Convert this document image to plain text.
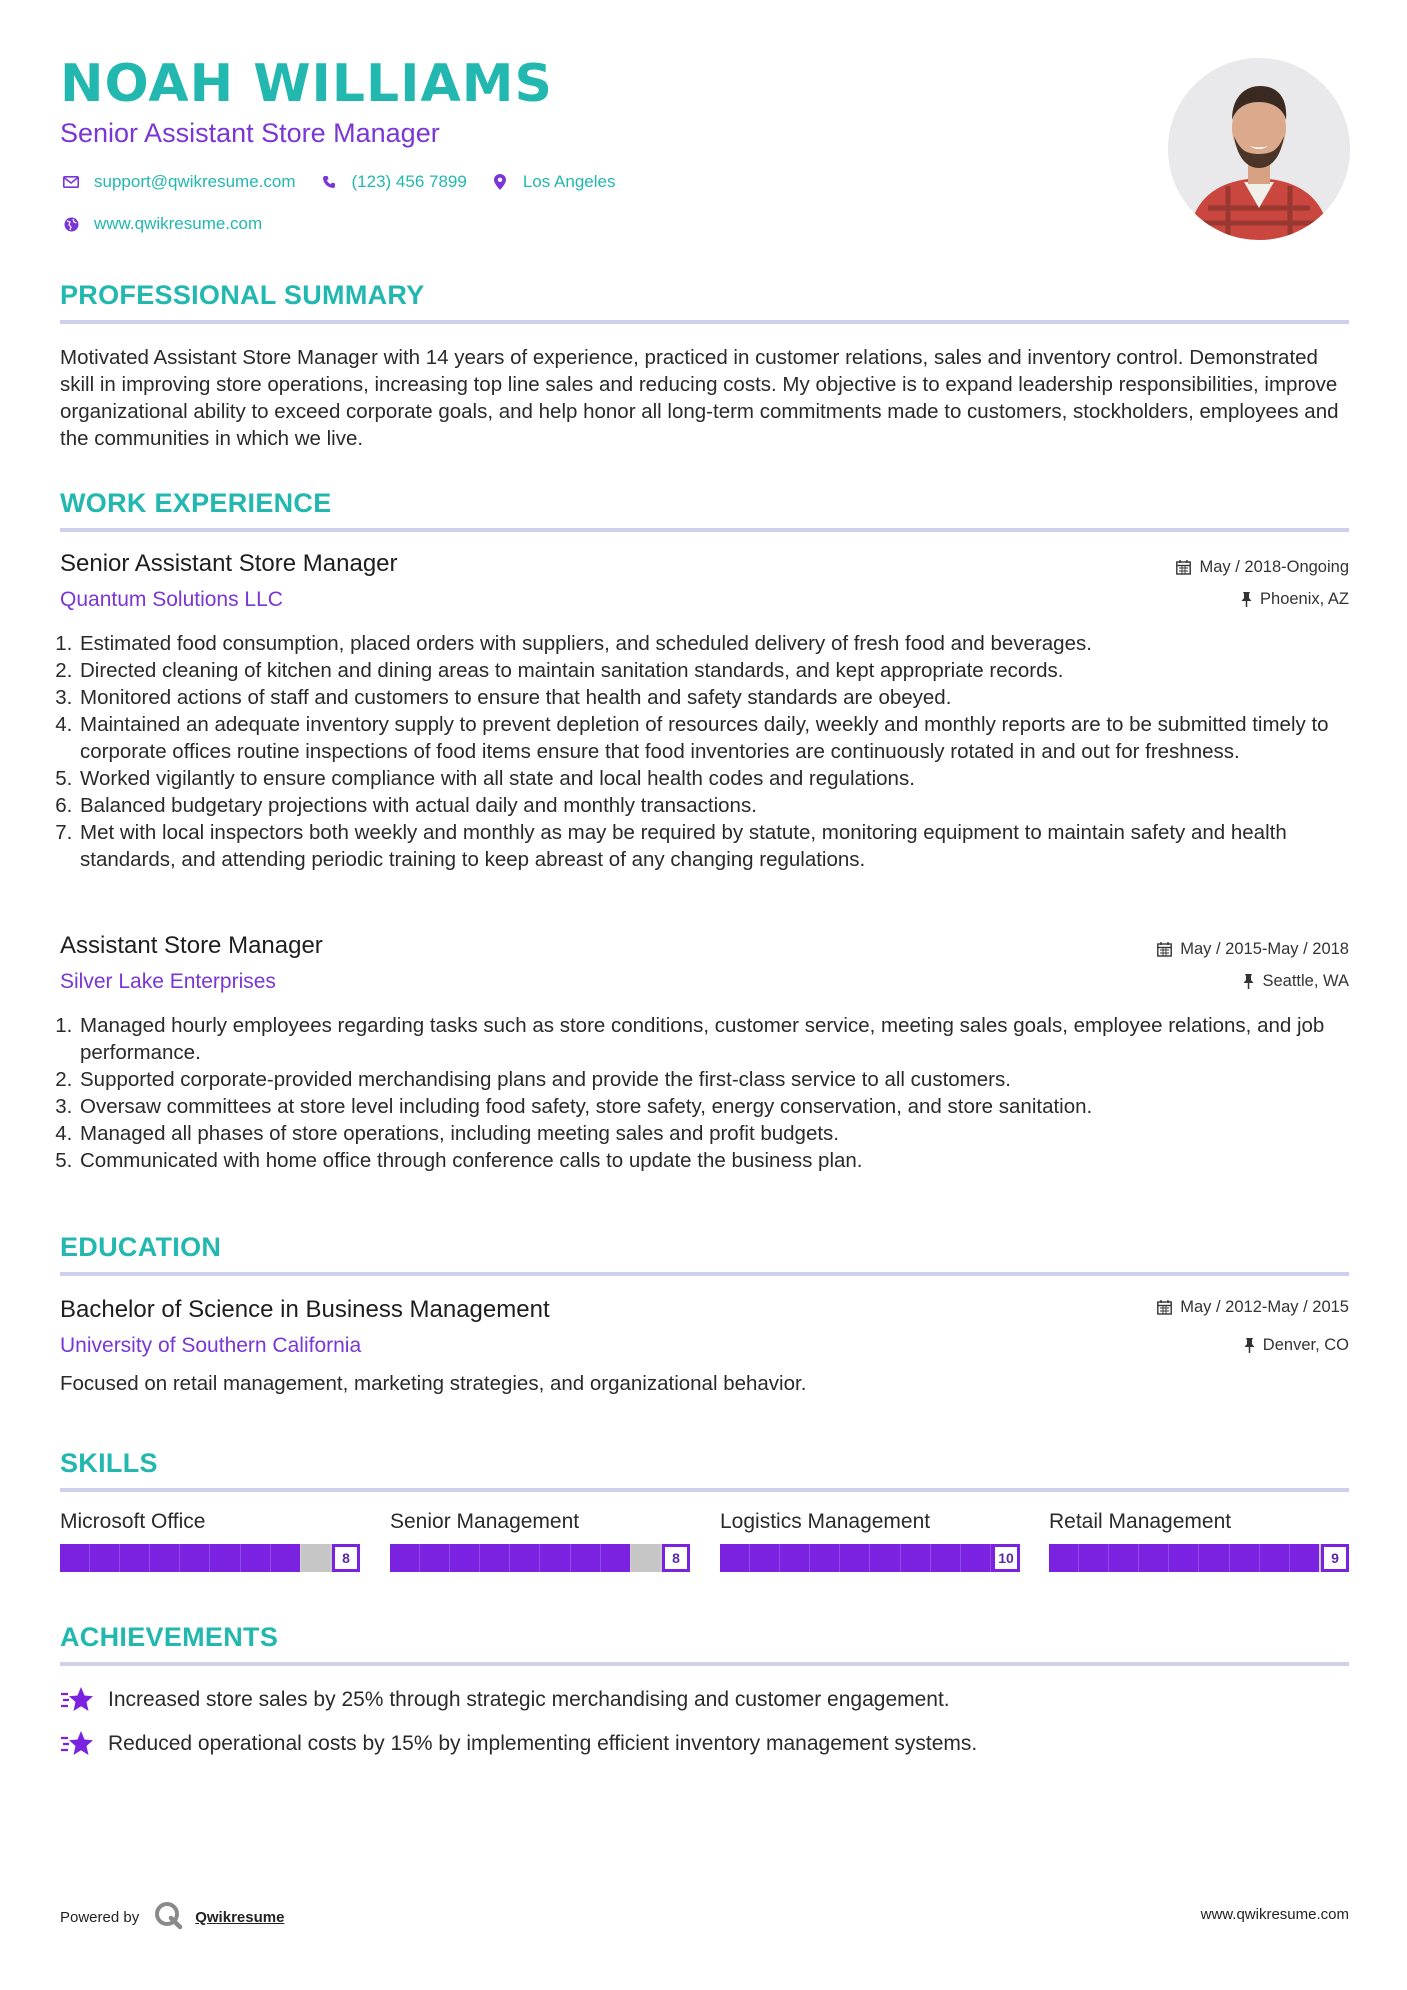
NOAH WILLIAMS
Senior Assistant Store Manager
support@qwikresume.com	(123) 456 7899	Los Angeles
www.qwikresume.com
PROFESSIONAL SUMMARY
Motivated Assistant Store Manager with 14 years of experience, practiced in customer relations, sales and inventory control. Demonstrated skill in improving store operations, increasing top line sales and reducing costs. My objective is to expand leadership responsibilities, improve organizational ability to exceed corporate goals, and help honor all long-term commitments made to customers, stockholders, employees and the communities in which we live.
WORK EXPERIENCE
Senior Assistant Store Manager	May / 2018-Ongoing
Quantum Solutions LLC	Phoenix, AZ
1. Estimated food consumption, placed orders with suppliers, and scheduled delivery of fresh food and beverages.
2. Directed cleaning of kitchen and dining areas to maintain sanitation standards, and kept appropriate records.
3. Monitored actions of staff and customers to ensure that health and safety standards are obeyed.
4. Maintained an adequate inventory supply to prevent depletion of resources daily, weekly and monthly reports are to be submitted timely to corporate offices routine inspections of food items ensure that food inventories are continuously rotated in and out for freshness.
5. Worked vigilantly to ensure compliance with all state and local health codes and regulations.
6. Balanced budgetary projections with actual daily and monthly transactions.
7. Met with local inspectors both weekly and monthly as may be required by statute, monitoring equipment to maintain safety and health standards, and attending periodic training to keep abreast of any changing regulations.
Assistant Store Manager	May / 2015-May / 2018
Silver Lake Enterprises	Seattle, WA
1. Managed hourly employees regarding tasks such as store conditions, customer service, meeting sales goals, employee relations, and job performance.
2. Supported corporate-provided merchandising plans and provide the first-class service to all customers.
3. Oversaw committees at store level including food safety, store safety, energy conservation, and store sanitation.
4. Managed all phases of store operations, including meeting sales and profit budgets.
5. Communicated with home office through conference calls to update the business plan.
EDUCATION
Bachelor of Science in Business Management	May / 2012-May / 2015
University of Southern California	Denver, CO
Focused on retail management, marketing strategies, and organizational behavior.
SKILLS
Microsoft Office
8
Senior Management
8
Logistics Management
10
Retail Management
9
ACHIEVEMENTS
Increased store sales by 25% through strategic merchandising and customer engagement.
Reduced operational costs by 15% by implementing efficient inventory management systems.
Powered by	Qwikresume	www.qwikresume.com
